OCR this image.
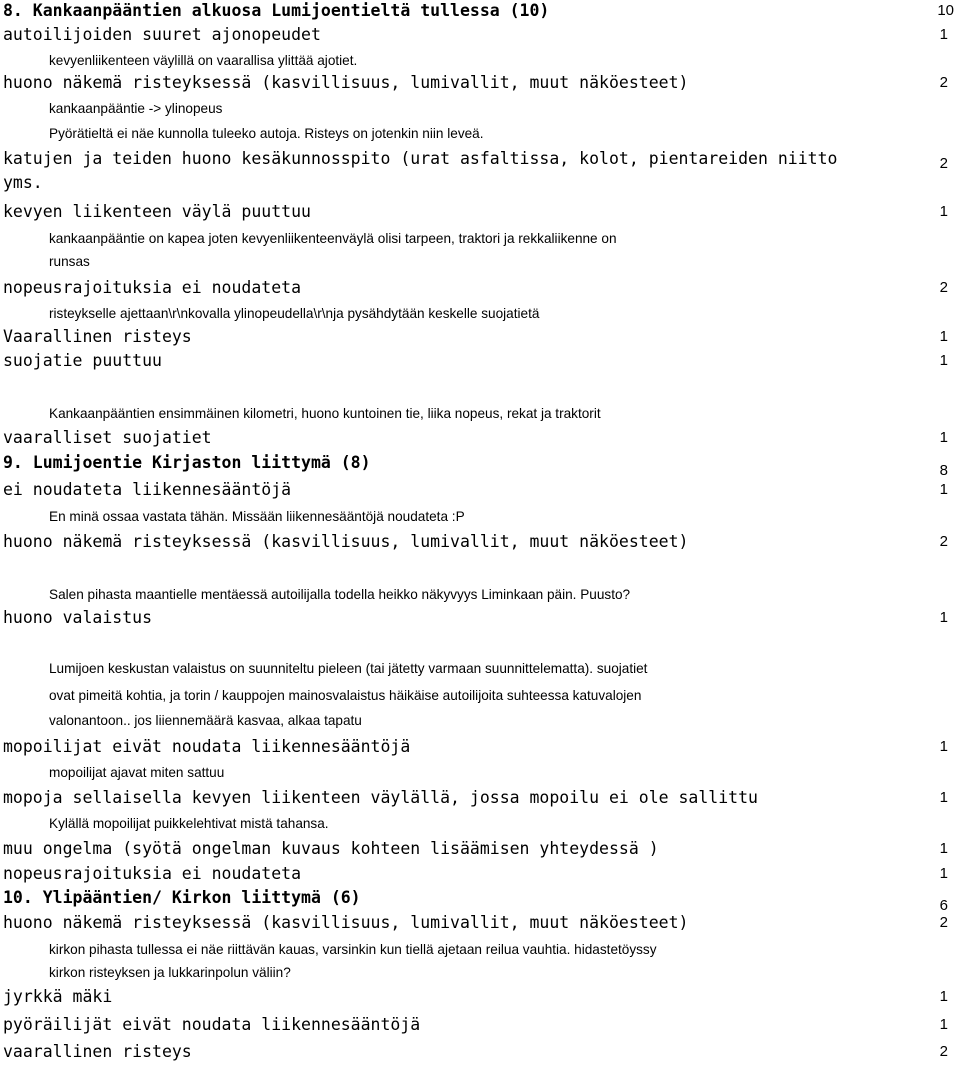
8. Kankaanpääntien alkuosa Lumijoentieltä tullessa (10)	10
autoilijoiden suuret ajonopeudet	1
kevyenliikenteen väylillä on vaarallisa ylittää ajotiet.
huono näkemä risteyksessä (kasvillisuus, lumivallit, muut näköesteet)	2
kankaanpääntie -> ylinopeus
Pyörätieltä ei näe kunnolla tuleeko autoja. Risteys on jotenkin niin leveä.
katujen ja teiden huono kesäkunnosspito (urat asfaltissa, kolot, pientareiden niitto	2
yms.
kevyen liikenteen väylä puuttuu	1
kankaanpääntie on kapea joten kevyenliikenteenväylä olisi tarpeen, traktori ja rekkaliikenne on
runsas
nopeusrajoituksia ei noudateta	2
risteykselle ajettaan\r\nkovalla ylinopeudella\r\nja pysähdytään keskelle suojatietä
Vaarallinen risteys	1
suojatie puuttuu	1
Kankaanpääntien ensimmäinen kilometri, huono kuntoinen tie, liika nopeus, rekat ja traktorit
vaaralliset suojatiet	1
9. Lumijoentie Kirjaston liittymä (8)	8
ei noudateta liikennesääntöjä	1
En minä ossaa vastata tähän. Missään liikennesääntöjä noudateta :P
huono näkemä risteyksessä (kasvillisuus, lumivallit, muut näköesteet)	2
Salen pihasta maantielle mentäessä autoilijalla todella heikko näkyvyys Liminkaan päin. Puusto?
huono valaistus	1
Lumijoen keskustan valaistus on suunniteltu pieleen (tai jätetty varmaan suunnittelematta). suojatiet
ovat pimeitä kohtia, ja torin / kauppojen mainosvalaistus häikäise autoilijoita suhteessa katuvalojen
valonantoon.. jos liiennemäärä kasvaa, alkaa tapatu
mopoilijat eivät noudata liikennesääntöjä	1
mopoilijat ajavat miten sattuu
mopoja sellaisella kevyen liikenteen väylällä, jossa mopoilu ei ole sallittu	1
Kylällä mopoilijat puikkelehtivat mistä tahansa.
muu ongelma (syötä ongelman kuvaus kohteen lisäämisen yhteydessä )	1
nopeusrajoituksia ei noudateta	1
10. Ylipääntien/ Kirkon liittymä (6)	6
huono näkemä risteyksessä (kasvillisuus, lumivallit, muut näköesteet)	2
kirkon pihasta tullessa ei näe riittävän kauas, varsinkin kun tiellä ajetaan reilua vauhtia. hidastetöyssy
kirkon risteyksen ja lukkarinpolun väliin?
jyrkkä mäki	1
pyöräilijät eivät noudata liikennesääntöjä	1
vaarallinen risteys	2
